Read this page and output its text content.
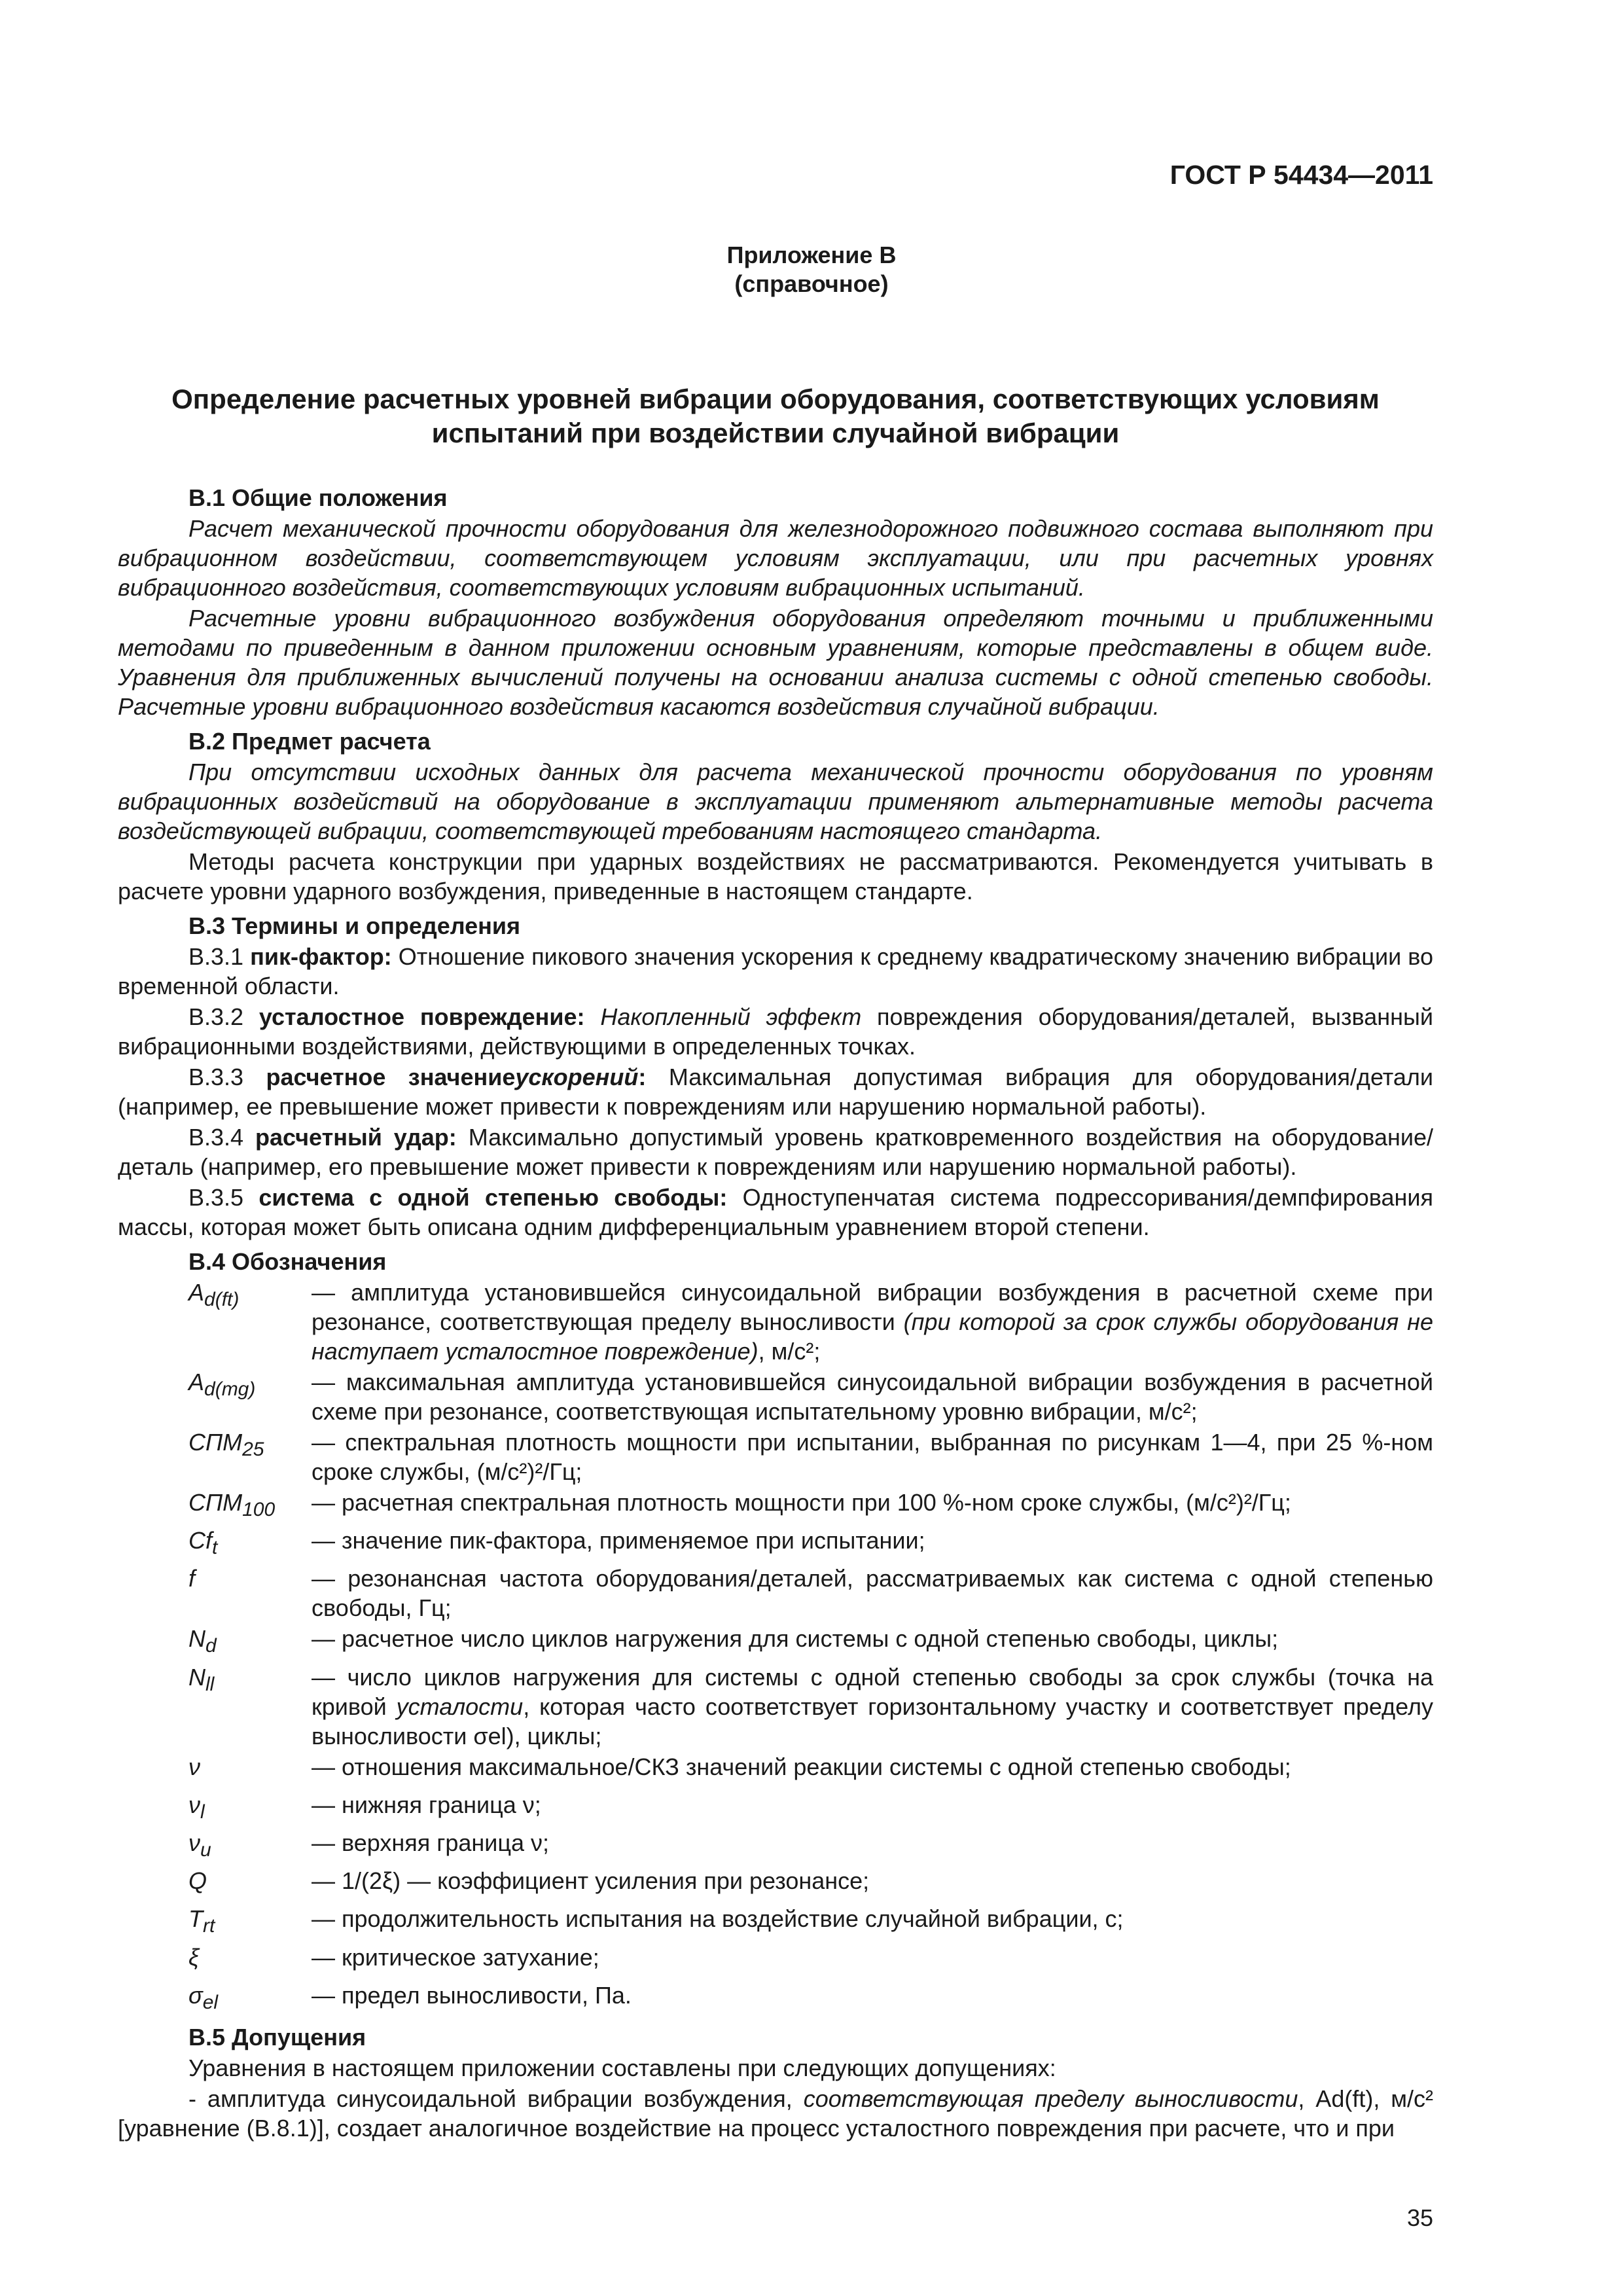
ГОСТ Р 54434—2011
Приложение В
(справочное)
Определение расчетных уровней вибрации оборудования, соответствующих условиям
испытаний при воздействии случайной вибрации
В.1 Общие положения
Расчет механической прочности оборудования для железнодорожного подвижного состава выполняют при вибрационном воздействии, соответствующем условиям эксплуатации, или при расчетных уровнях вибрационного воздействия, соответствующих условиям вибрационных испытаний.
Расчетные уровни вибрационного возбуждения оборудования определяют точными и приближенными методами по приведенным в данном приложении основным уравнениям, которые представлены в общем виде. Уравнения для приближенных вычислений получены на основании анализа системы с одной степенью свободы. Расчетные уровни вибрационного воздействия касаются воздействия случайной вибрации.
В.2 Предмет расчета
При отсутствии исходных данных для расчета механической прочности оборудования по уровням вибрационных воздействий на оборудование в эксплуатации применяют альтернативные методы расчета воздействующей вибрации, соответствующей требованиям настоящего стандарта.
Методы расчета конструкции при ударных воздействиях не рассматриваются. Рекомендуется учитывать в расчете уровни ударного возбуждения, приведенные в настоящем стандарте.
В.3 Термины и определения
В.3.1 пик-фактор: Отношение пикового значения ускорения к среднему квадратическому значению вибрации во временной области.
В.3.2 усталостное повреждение: Накопленный эффект повреждения оборудования/деталей, вызванный вибрационными воздействиями, действующими в определенных точках.
В.3.3 расчетное значениеускорений: Максимальная допустимая вибрация для оборудования/детали (например, ее превышение может привести к повреждениям или нарушению нормальной работы).
В.3.4 расчетный удар: Максимально допустимый уровень кратковременного воздействия на оборудование/деталь (например, его превышение может привести к повреждениям или нарушению нормальной работы).
В.3.5 система с одной степенью свободы: Одноступенчатая система подрессоривания/демпфирования массы, которая может быть описана одним дифференциальным уравнением второй степени.
В.4 Обозначения
$A_{d(ft)}$	— амплитуда установившейся синусоидальной вибрации возбуждения в расчетной схеме при резонансе, соответствующая пределу выносливости (при которой за срок службы оборудования не наступает усталостное повреждение), м/с²;
$A_{d(mg)}$	— максимальная амплитуда установившейся синусоидальной вибрации возбуждения в расчетной схеме при резонансе, соответствующая испытательному уровню вибрации, м/с²;
$СПМ_{25}$	— спектральная плотность мощности при испытании, выбранная по рисункам 1—4, при 25 %-ном сроке службы, (м/с²)²/Гц;
$СПМ_{100}$	— расчетная спектральная плотность мощности при 100 %-ном сроке службы, (м/с²)²/Гц;
$Cf_t$	— значение пик-фактора, применяемое при испытании;
f	— резонансная частота оборудования/деталей, рассматриваемых как система с одной степенью свободы, Гц;
$N_d$	— расчетное число циклов нагружения для системы с одной степенью свободы, циклы;
$N_{ll}$	— число циклов нагружения для системы с одной степенью свободы за срок службы (точка на кривой усталости, которая часто соответствует горизонтальному участку и соответствует пределу выносливости σel), циклы;
ν	— отношения максимальное/СКЗ значений реакции системы с одной степенью свободы;
$\nu_l$	— нижняя граница ν;
$\nu_u$	— верхняя граница ν;
Q	— 1/(2ξ) — коэффициент усиления при резонансе;
$T_{rt}$	— продолжительность испытания на воздействие случайной вибрации, с;
ξ	— критическое затухание;
$\sigma_{el}$	— предел выносливости, Па.
В.5 Допущения
Уравнения в настоящем приложении составлены при следующих допущениях:
- амплитуда синусоидальной вибрации возбуждения, соответствующая пределу выносливости, Ad(ft), м/с² [уравнение (В.8.1)], создает аналогичное воздействие на процесс усталостного повреждения при расчете, что и при
35
